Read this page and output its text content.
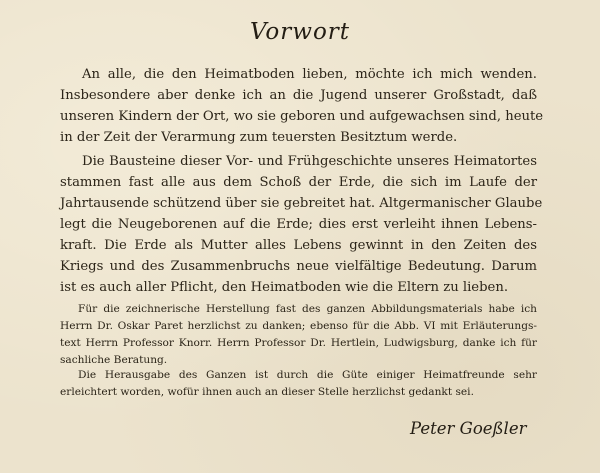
Vorwort
An alle, die den Heimatboden lieben, möchte ich mich wenden.
Insbesondere aber denke ich an die Jugend unserer Großstadt, daß
unseren Kindern der Ort, wo sie geboren und aufgewachsen sind, heute
in der Zeit der Verarmung zum teuersten Besitztum werde.
Die Bausteine dieser Vor- und Frühgeschichte unseres Heimatortes
stammen fast alle aus dem Schoß der Erde, die sich im Laufe der
Jahrtausende schützend über sie gebreitet hat. Altgermanischer Glaube
legt die Neugeborenen auf die Erde; dies erst verleiht ihnen Lebens-
kraft. Die Erde als Mutter alles Lebens gewinnt in den Zeiten des
Kriegs und des Zusammenbruchs neue vielfältige Bedeutung. Darum
ist es auch aller Pflicht, den Heimatboden wie die Eltern zu lieben.
Für die zeichnerische Herstellung fast des ganzen Abbildungsmaterials habe ich
Herrn Dr. Oskar Paret herzlichst zu danken; ebenso für die Abb. VI mit Erläuterungs-
text Herrn Professor Knorr. Herrn Professor Dr. Hertlein, Ludwigsburg, danke ich für
sachliche Beratung.
Die Herausgabe des Ganzen ist durch die Güte einiger Heimatfreunde sehr
erleichtert worden, wofür ihnen auch an dieser Stelle herzlichst gedankt sei.
Peter Goeßler
